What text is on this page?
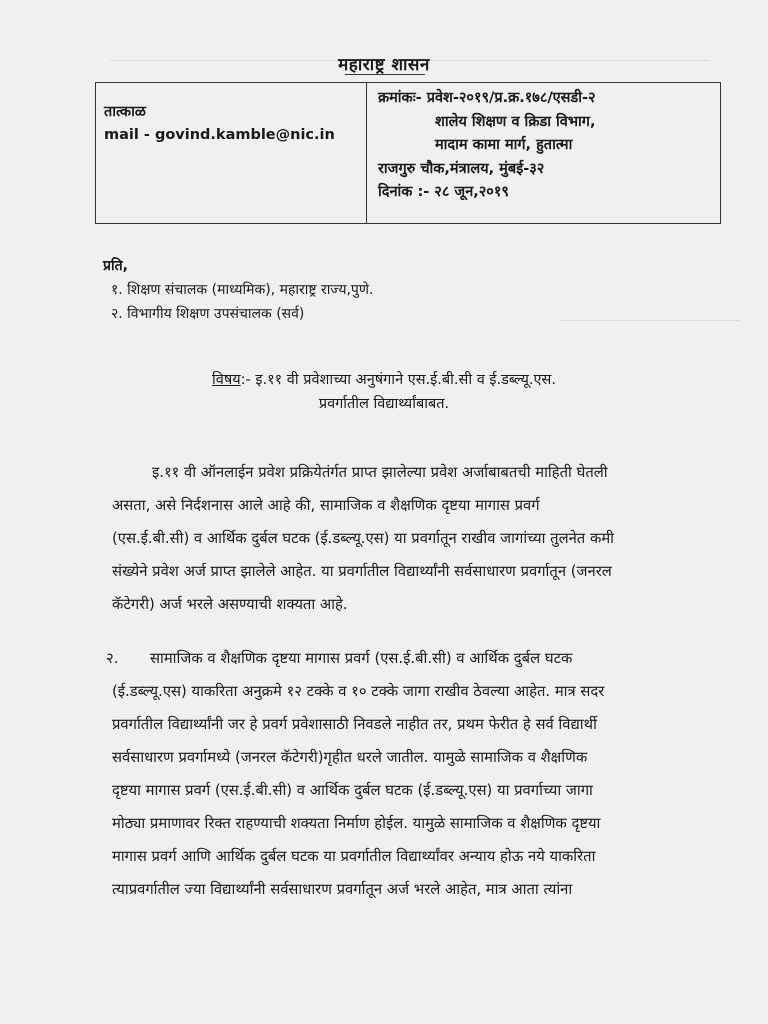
महाराष्ट्र शासन
तात्काळ
mail - govind.kamble@nic.in
क्रमांकः- प्रवेश-२०१९/प्र.क्र.१७८/एसडी-२
शालेय शिक्षण व क्रिडा विभाग,
मादाम कामा मार्ग, हुतात्मा
राजगुरु चौक,मंत्रालय, मुंबई-३२
दिनांक :- २८ जून,२०१९
प्रति,
१. शिक्षण संचालक (माध्यमिक), महाराष्ट्र राज्य,पुणे.
२. विभागीय शिक्षण उपसंचालक (सर्व)
विषय:- इ.११ वी प्रवेशाच्या अनुषंगाने एस.ई.बी.सी व ई.डब्ल्यू.एस.
प्रवर्गातील विद्यार्थ्यांबाबत.
इ.११ वी ऑनलाईन प्रवेश प्रक्रियेतंर्गत प्राप्त झालेल्या प्रवेश अर्जाबाबतची माहिती घेतली
असता, असे निर्दशनास आले आहे की, सामाजिक व शैक्षणिक दृष्टया मागास प्रवर्ग
(एस.ई.बी.सी) व आर्थिक दुर्बल घटक (ई.डब्ल्यू.एस) या प्रवर्गातून राखीव जागांच्या तुलनेत कमी
संख्येने प्रवेश अर्ज प्राप्त झालेले आहेत. या प्रवर्गातील विद्यार्थ्यांनी सर्वसाधारण प्रवर्गातून (जनरल
कॅटेगरी) अर्ज भरले असण्याची शक्यता आहे.
२. सामाजिक व शैक्षणिक दृष्टया मागास प्रवर्ग (एस.ई.बी.सी) व आर्थिक दुर्बल घटक
(ई.डब्ल्यू.एस) याकरिता अनुक्रमे १२ टक्के व १० टक्के जागा राखीव ठेवल्या आहेत. मात्र सदर
प्रवर्गातील विद्यार्थ्यांनी जर हे प्रवर्ग प्रवेशासाठी निवडले नाहीत तर, प्रथम फेरीत हे सर्व विद्यार्थी
सर्वसाधारण प्रवर्गामध्ये (जनरल कॅटेगरी)गृहीत धरले जातील. यामुळे सामाजिक व शैक्षणिक
दृष्टया मागास प्रवर्ग (एस.ई.बी.सी) व आर्थिक दुर्बल घटक (ई.डब्ल्यू.एस) या प्रवर्गाच्या जागा
मोठ्या प्रमाणावर रिक्त राहण्याची शक्यता निर्माण होईल. यामुळे सामाजिक व शैक्षणिक दृष्टया
मागास प्रवर्ग आणि आर्थिक दुर्बल घटक या प्रवर्गातील विद्यार्थ्यांवर अन्याय होऊ नये याकरिता
त्याप्रवर्गातील ज्या विद्यार्थ्यांनी सर्वसाधारण प्रवर्गातून अर्ज भरले आहेत, मात्र आता त्यांना
